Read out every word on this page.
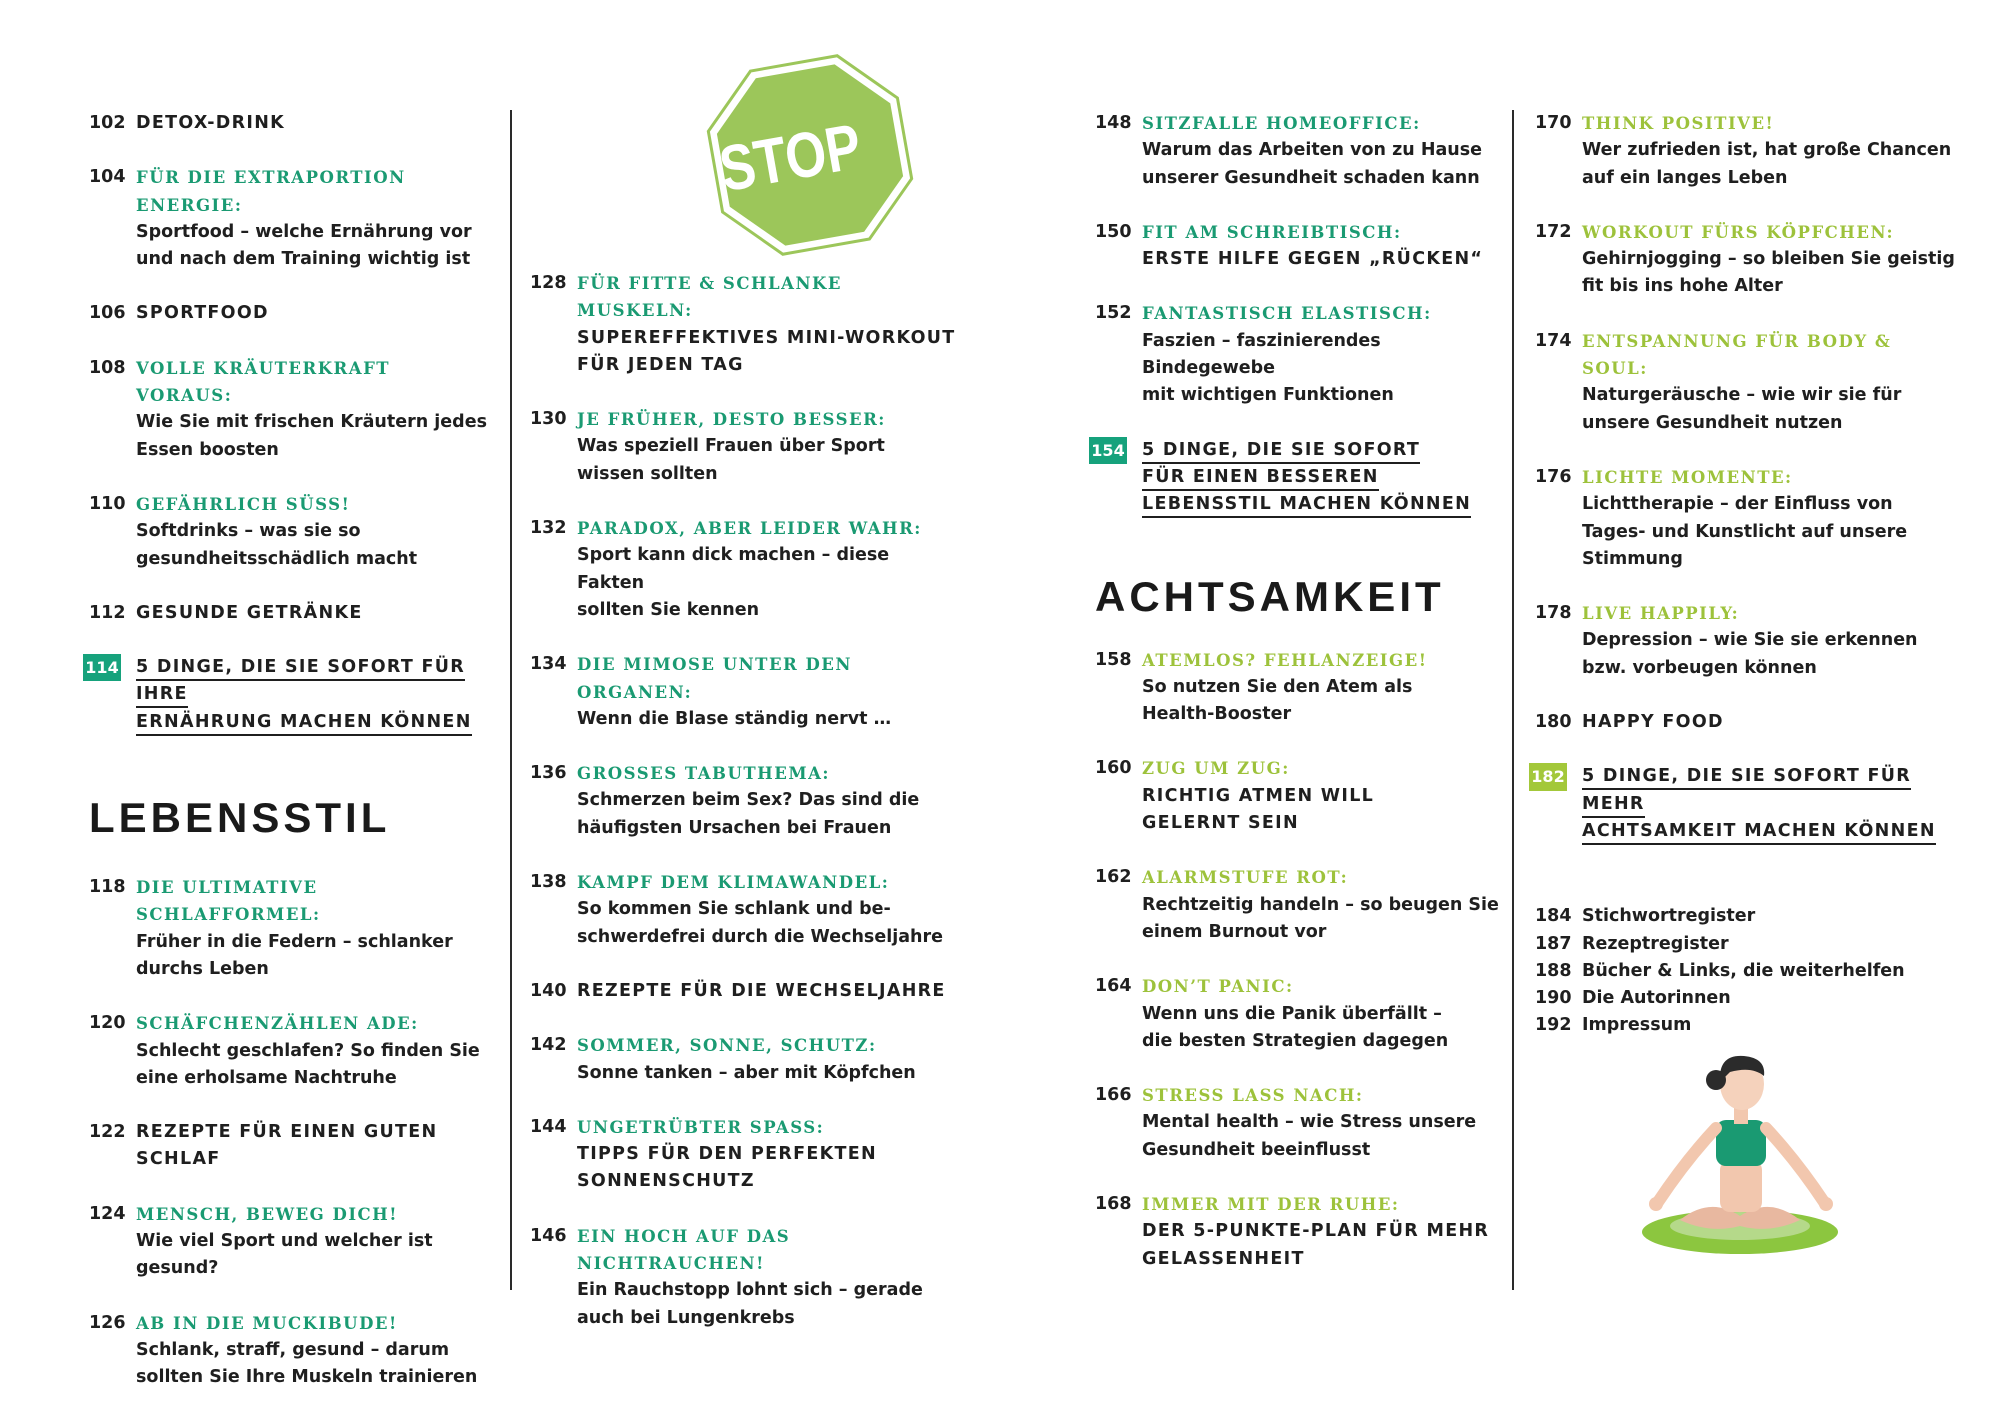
102 DETOX-DRINK
104 FÜR DIE EXTRAPORTION ENERGIE:
Sportfood – welche Ernährung vor
und nach dem Training wichtig ist
106 SPORTFOOD
108 VOLLE KRÄUTERKRAFT VORAUS:
Wie Sie mit frischen Kräutern jedes
Essen boosten
110 GEFÄHRLICH SÜSS!
Softdrinks – was sie so
gesundheitsschädlich macht
112 GESUNDE GETRÄNKE
114 5 DINGE, DIE SIE SOFORT FÜR IHRE
ERNÄHRUNG MACHEN KÖNNEN
LEBENSSTIL
118 DIE ULTIMATIVE SCHLAFFORMEL:
Früher in die Federn – schlanker
durchs Leben
120 SCHÄFCHENZÄHLEN ADE:
Schlecht geschlafen? So finden Sie
eine erholsame Nachtruhe
122 REZEPTE FÜR EINEN GUTEN SCHLAF
124 MENSCH, BEWEG DICH!
Wie viel Sport und welcher ist
gesund?
126 AB IN DIE MUCKIBUDE!
Schlank, straff, gesund – darum
sollten Sie Ihre Muskeln trainieren
STOP
128 FÜR FITTE & SCHLANKE MUSKELN:
SUPEREFFEKTIVES MINI-WORKOUT
FÜR JEDEN TAG
130 JE FRÜHER, DESTO BESSER:
Was speziell Frauen über Sport
wissen sollten
132 PARADOX, ABER LEIDER WAHR:
Sport kann dick machen – diese Fakten
sollten Sie kennen
134 DIE MIMOSE UNTER DEN ORGANEN:
Wenn die Blase ständig nervt …
136 GROSSES TABUTHEMA:
Schmerzen beim Sex? Das sind die
häufigsten Ursachen bei Frauen
138 KAMPF DEM KLIMAWANDEL:
So kommen Sie schlank und be-
schwerdefrei durch die Wechseljahre
140 REZEPTE FÜR DIE WECHSELJAHRE
142 SOMMER, SONNE, SCHUTZ:
Sonne tanken – aber mit Köpfchen
144 UNGETRÜBTER SPASS:
TIPPS FÜR DEN PERFEKTEN
SONNENSCHUTZ
146 EIN HOCH AUF DAS NICHTRAUCHEN!
Ein Rauchstopp lohnt sich – gerade
auch bei Lungenkrebs
148 SITZFALLE HOMEOFFICE:
Warum das Arbeiten von zu Hause
unserer Gesundheit schaden kann
150 FIT AM SCHREIBTISCH:
ERSTE HILFE GEGEN „RÜCKEN“
152 FANTASTISCH ELASTISCH:
Faszien – faszinierendes Bindegewebe
mit wichtigen Funktionen
154 5 DINGE, DIE SIE SOFORT
FÜR EINEN BESSEREN
LEBENSSTIL MACHEN KÖNNEN
ACHTSAMKEIT
158 ATEMLOS? FEHLANZEIGE!
So nutzen Sie den Atem als
Health-Booster
160 ZUG UM ZUG:
RICHTIG ATMEN WILL
GELERNT SEIN
162 ALARMSTUFE ROT:
Rechtzeitig handeln – so beugen Sie
einem Burnout vor
164 DON’T PANIC:
Wenn uns die Panik überfällt –
die besten Strategien dagegen
166 STRESS LASS NACH:
Mental health – wie Stress unsere
Gesundheit beeinflusst
168 IMMER MIT DER RUHE:
DER 5-PUNKTE-PLAN FÜR MEHR
GELASSENHEIT
170 THINK POSITIVE!
Wer zufrieden ist, hat große Chancen
auf ein langes Leben
172 WORKOUT FÜRS KÖPFCHEN:
Gehirnjogging – so bleiben Sie geistig
fit bis ins hohe Alter
174 ENTSPANNUNG FÜR BODY & SOUL:
Naturgeräusche – wie wir sie für
unsere Gesundheit nutzen
176 LICHTE MOMENTE:
Lichttherapie – der Einfluss von
Tages- und Kunstlicht auf unsere
Stimmung
178 LIVE HAPPILY:
Depression – wie Sie sie erkennen
bzw. vorbeugen können
180 HAPPY FOOD
182 5 DINGE, DIE SIE SOFORT FÜR MEHR
ACHTSAMKEIT MACHEN KÖNNEN
184 Stichwortregister
187 Rezeptregister
188 Bücher & Links, die weiterhelfen
190 Die Autorinnen
192 Impressum
